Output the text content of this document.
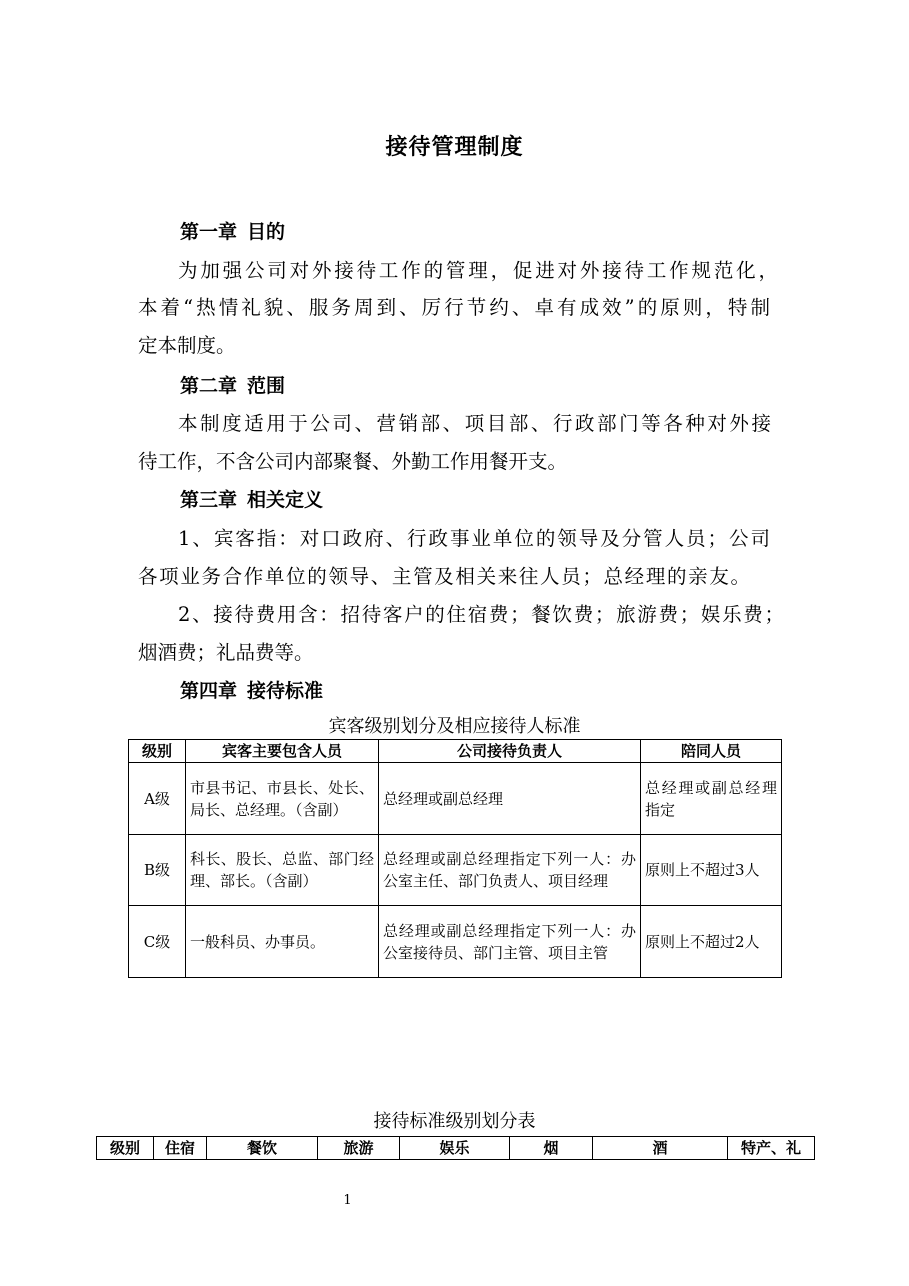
接待管理制度
第一章 目的
为加强公司对外接待工作的管理，促进对外接待工作规范化，
本着“热情礼貌、服务周到、厉行节约、卓有成效”的原则，特制
定本制度。
第二章 范围
本制度适用于公司、营销部、项目部、行政部门等各种对外接
待工作，不含公司内部聚餐、外勤工作用餐开支。
第三章 相关定义
1、宾客指：对口政府、行政事业单位的领导及分管人员；公司
各项业务合作单位的领导、主管及相关来往人员；总经理的亲友。
2、接待费用含：招待客户的住宿费；餐饮费；旅游费；娱乐费；
烟酒费；礼品费等。
第四章 接待标准
宾客级别划分及相应接待人标准
级别	宾客主要包含人员	公司接待负责人	陪同人员
A级	市县书记、市县长、处长、局长、总经理。（含副）	总经理或副总经理	总经理或副总经理指定
B级	科长、股长、总监、部门经理、部长。（含副）	总经理或副总经理指定下列一人：办公室主任、部门负责人、项目经理	原则上不超过3人
C级	一般科员、办事员。	总经理或副总经理指定下列一人：办公室接待员、部门主管、项目主管	原则上不超过2人
接待标准级别划分表
级别	住宿	餐饮	旅游	娱乐	烟	酒	特产、礼
1
